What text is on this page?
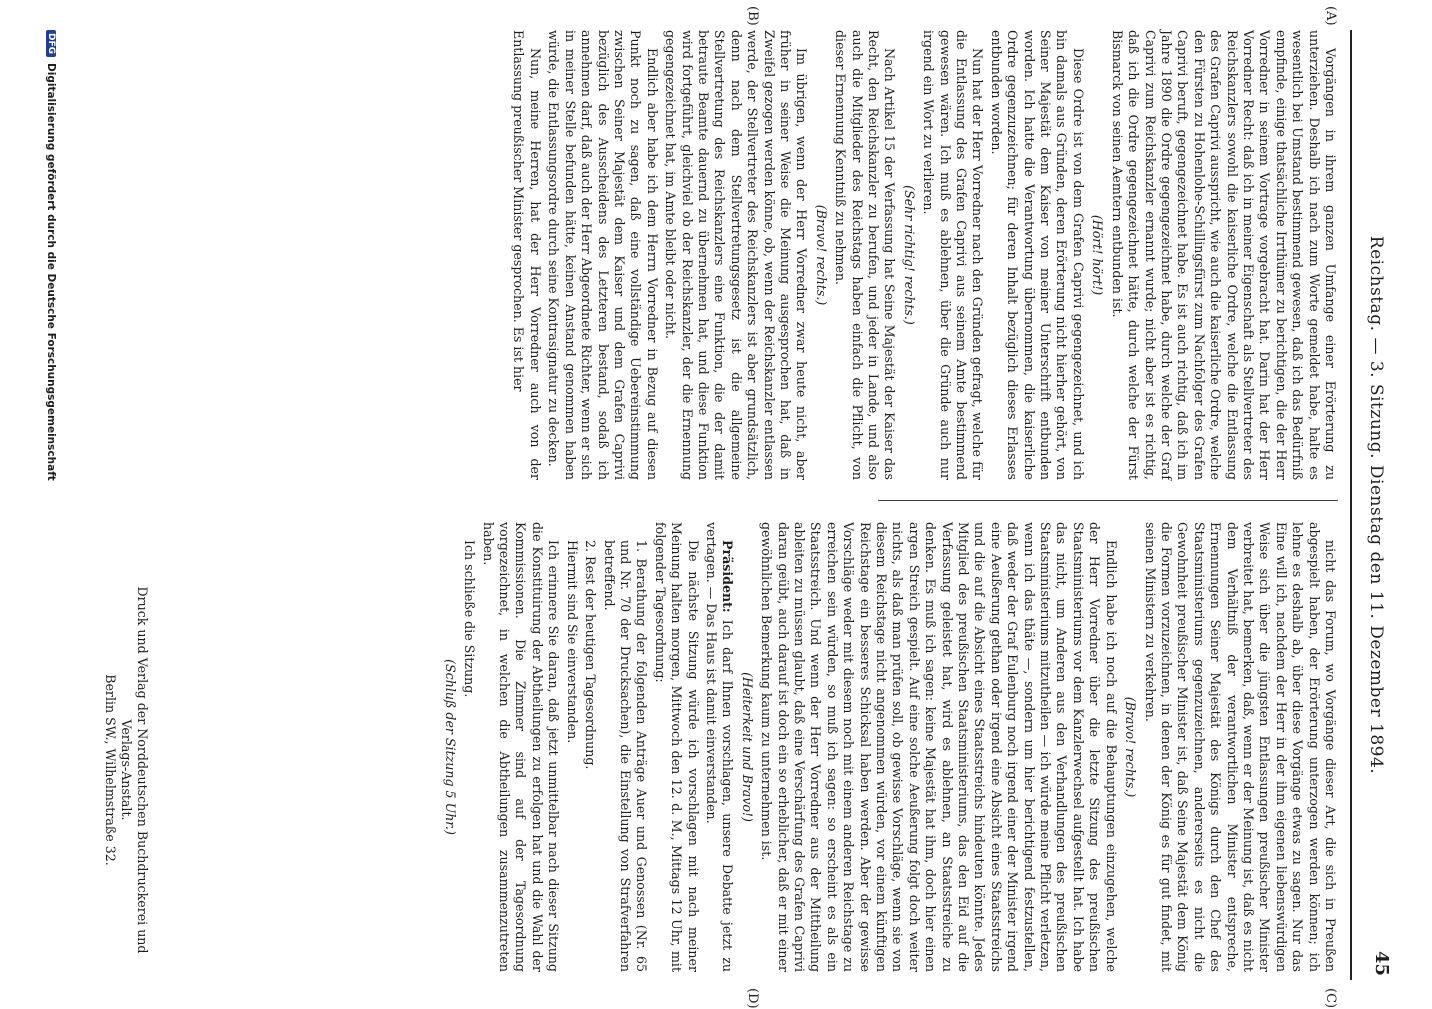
Reichstag. — 3. Sitzung. Dienstag den 11. Dezember 1894.
45
(A)
(B)
(C)
(D)

Vorgängen in ihrem ganzen Umfange einer Erörterung zu unterziehen. Deshalb ich nach zum Worte gemeldet habe, halte es wesentlich bei Umstand bestimmend gewesen, daß ich das Bedürfniß empfinde, einige thatsächliche Irrthümer zu berichtigen, die der Herr Vorredner in seinem Vortrage vorgebracht hat. Darin hat der Herr Vorredner Recht: daß ich in meiner Eigenschaft als Stellvertreter des Reichskanzlers sowohl die kaiserliche Ordre, welche die Entlassung des Grafen Caprivi ausspricht, wie auch die kaiserliche Ordre, welche den Fürsten zu Hohenlohe-Schillingsfürst zum Nachfolger des Grafen Caprivi beruft, gegengezeichnet habe. Es ist auch richtig, daß ich im Jahre 1890 die Ordre gegengezeichnet habe, durch welche der Graf Caprivi zum Reichskanzler ernannt wurde; nicht aber ist es richtig, daß ich die Ordre gegengezeichnet hätte, durch welche der Fürst Bismarck von seinen Aemtern entbunden ist.

(Hört! hört!)

Diese Ordre ist von dem Grafen Caprivi gegengezeichnet, und ich bin damals aus Gründen, deren Erörterung nicht hierher gehört, von Seiner Majestät dem Kaiser von meiner Unterschrift entbunden worden. Ich hatte die Verantwortung übernommen, die kaiserliche Ordre gegenzuzeichnen; für deren Inhalt bezüglich dieses Erlasses entbunden worden.

Nun hat der Herr Vorredner nach den Gründen gefragt, welche für die Entlassung des Grafen Caprivi aus seinem Amte bestimmend gewesen wären. Ich muß es ablehnen, über die Gründe auch nur irgend ein Wort zu verlieren.

(Sehr richtig! rechts.)

Nach Artikel 15 der Verfassung hat Seine Majestät der Kaiser das Recht, den Reichskanzler zu berufen, und jeder in Lande, und also auch die Mitglieder des Reichstags haben einfach die Pflicht, von dieser Ernennung Kenntniß zu nehmen.

(Bravo! rechts.)

Im übrigen, wenn der Herr Vorredner zwar heute nicht, aber früher in seiner Weise die Meinung ausgesprochen hat, daß in Zweifel gezogen werden könne, ob, wenn der Reichskanzler entlassen werde, der Stellvertreter des Reichskanzlers ist aber grundsätzlich, denn nach dem Stellvertretungsgesetz ist die allgemeine Stellvertretung des Reichskanzlers eine Funktion, die der damit betraute Beamte dauernd zu übernehmen hat, und diese Funktion wird fortgeführt, gleichviel ob der Reichskanzler, der die Ernennung gegengezeichnet hat, im Amte bleibt oder nicht.

Endlich aber habe ich dem Herrn Vorredner in Bezug auf diesen Punkt noch zu sagen, daß eine vollständige Uebereinstimmung zwischen Seiner Majestät dem Kaiser und dem Grafen Caprivi bezüglich des Ausscheidens des Letzteren bestand, sodaß ich annehmen darf, daß auch der Herr Abgeordnete Richter, wenn er sich in meiner Stelle befunden hätte, keinen Anstand genommen haben würde, die Entlassungsordre durch seine Kontrasignatur zu decken.

Nun, meine Herren, hat der Herr Vorredner auch von der Entlassung preußischer Minister gesprochen. Es ist hier

nicht das Forum, wo Vorgänge dieser Art, die sich in Preußen abgespielt haben, der Erörterung unterzogen werden können; ich lehne es deshalb ab, über diese Vorgänge etwas zu sagen. Nur das Eine will ich, nachdem der Herr in der ihm eigenen liebenswürdigen Weise sich über die jüngsten Entlassungen preußischer Minister verbreitet hat, bemerken, daß, wenn er der Meinung ist, daß es nicht dem Verhältniß der verantwortlichen Minister entspreche, Ernennungen Seiner Majestät des Königs durch den Chef des Staatsministeriums gegenzuzeichnen, andererseits es nicht die Gewohnheit preußischer Minister ist, daß Seine Majestät dem König die Formen vorzuzeichnen, in denen der König es für gut findet, mit seinen Ministern zu verkehren.

(Bravo! rechts.)

Endlich habe ich noch auf die Behauptungen einzugehen, welche der Herr Vorredner über die letzte Sitzung des preußischen Staatsministeriums vor dem Kanzlerwechsel aufgestellt hat. Ich habe das nicht, um Anderen aus den Verhandlungen des preußischen Staatsministeriums mitzutheilen — ich würde meine Pflicht verletzen, wenn ich das thäte —, sondern um hier berichtigend festzustellen, daß weder der Graf Eulenburg noch irgend einer der Minister irgend eine Aeußerung gethan oder irgend eine Absicht eines Staatsstreichs und die auf die Absicht eines Staatsstreichs hindeuten könnte. Jedes Mitglied des preußischen Staatsministeriums, das den Eid auf die Verfassung geleistet hat, wird es ablehnen, an Staatsstreiche zu denken. Es muß ich sagen: keine Majestät hat ihm, doch hier einen argen Streich gespielt. Auf eine solche Aeußerung folgt doch weiter nichts, als daß man prüfen soll, ob gewisse Vorschläge, wenn sie von diesem Reichstage nicht angenommen würden, vor einem künftigen Reichstage ein besseres Schicksal haben werden. Aber der gewisse Vorschläge weder mit diesem noch mit einem anderen Reichstage zu erreichen sein würden, so muß ich sagen: so erscheint es als ein Staatsstreich. Und wenn der Herr Vorredner aus der Mittheilung ableiten zu müssen glaubt, daß eine Verschärfung des Grafen Caprivi daran geübt, auch darauf ist doch ein so erheblicher, daß er mit einer gewöhnlichen Bemerkung kaum zu unternehmen ist.

(Heiterkeit und Bravo!)

Präsident: Ich darf Ihnen vorschlagen, unsere Debatte jetzt zu vertagen. — Das Haus ist damit einverstanden.

Die nächste Sitzung würde ich vorschlagen mit nach meiner Meinung halten morgen, Mittwoch den 12. d. M., Mittags 12 Uhr, mit folgender Tagesordnung:

1. Berathung der folgenden Anträge Auer und Genossen (Nr. 65 und Nr. 70 der Drucksachen), die Einstellung von Strafverfahren betreffend.

2. Rest der heutigen Tagesordnung.

Hiermit sind Sie einverstanden.

Ich erinnere Sie daran, daß jetzt unmittelbar nach dieser Sitzung die Konstituirung der Abtheilungen zu erfolgen hat und die Wahl der Kommissionen. Die Zimmer sind auf der Tagesordnung vorgezeichnet, in welchen die Abtheilungen zusammenzutreten haben.

Ich schließe die Sitzung.

(Schluß der Sitzung 5 Uhr.)

Druck und Verlag der Norddeutschen Buchdruckerei und Verlags-Anstalt.
Berlin SW., Wilhelmstraße 32.
DFG
Digitalisierung gefördert durch die Deutsche Forschungsgemeinschaft
